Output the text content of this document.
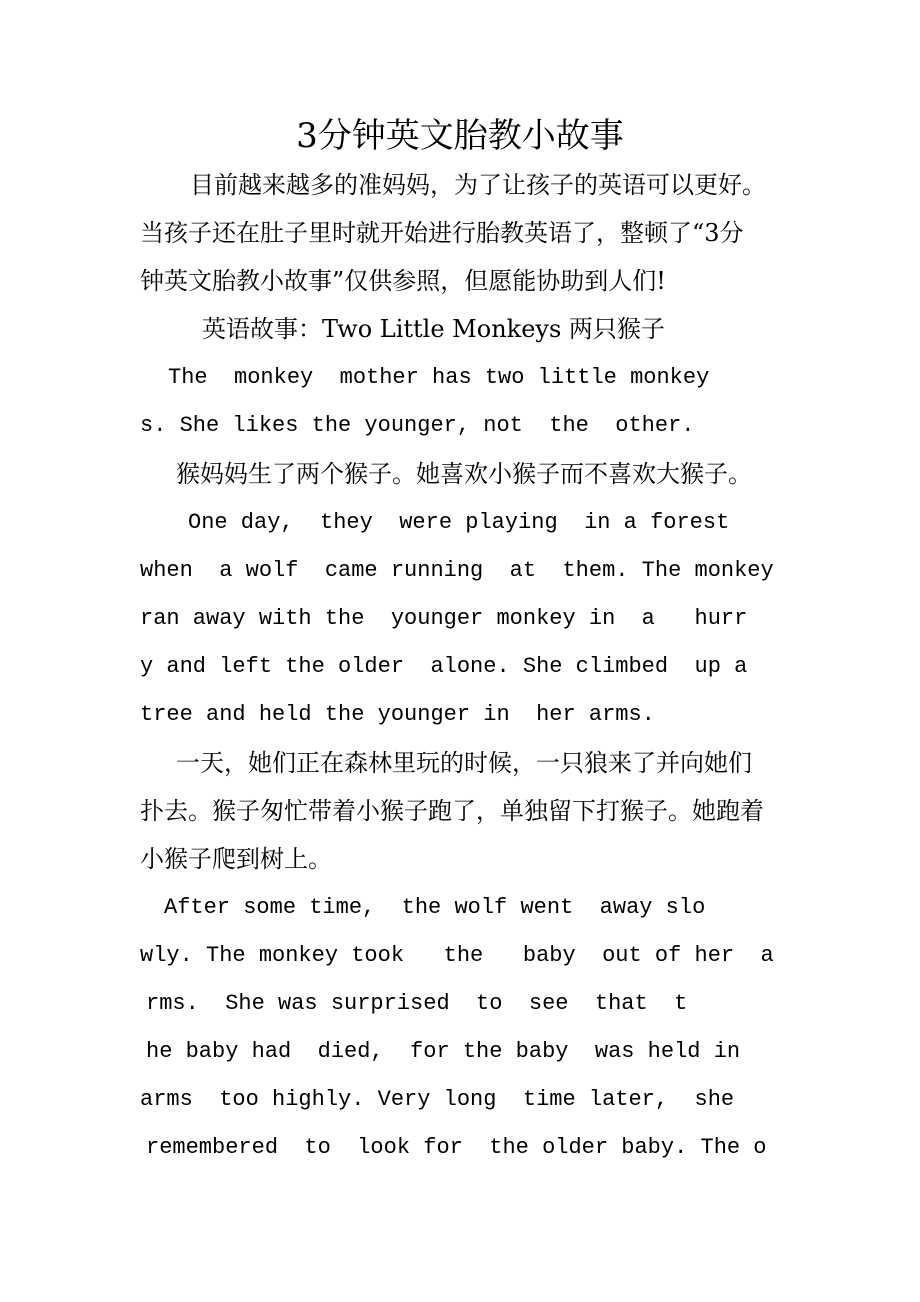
3分钟英文胎教小故事
目前越来越多的准妈妈，为了让孩子的英语可以更好。
当孩子还在肚子里时就开始进行胎教英语了，整顿了“3分
钟英文胎教小故事”仅供参照，但愿能协助到人们!
英语故事：Two Little Monkeys 两只猴子
The  monkey  mother has two little monkey
s. She likes the younger, not  the  other.
猴妈妈生了两个猴子。她喜欢小猴子而不喜欢大猴子。
One day,  they  were playing  in a forest
when  a wolf  came running  at  them. The monkey
ran away with the  younger monkey in  a   hurr
y and left the older  alone. She climbed  up a
tree and held the younger in  her arms.
一天，她们正在森林里玩的时候，一只狼来了并向她们
扑去。猴子匆忙带着小猴子跑了，单独留下打猴子。她跑着
小猴子爬到树上。
After some time,  the wolf went  away slo
wly. The monkey took   the   baby  out of her  a
rms.  She was surprised  to  see  that  t
he baby had  died,  for the baby  was held in
arms  too highly. Very long  time later,  she
remembered  to  look for  the older baby. The o
